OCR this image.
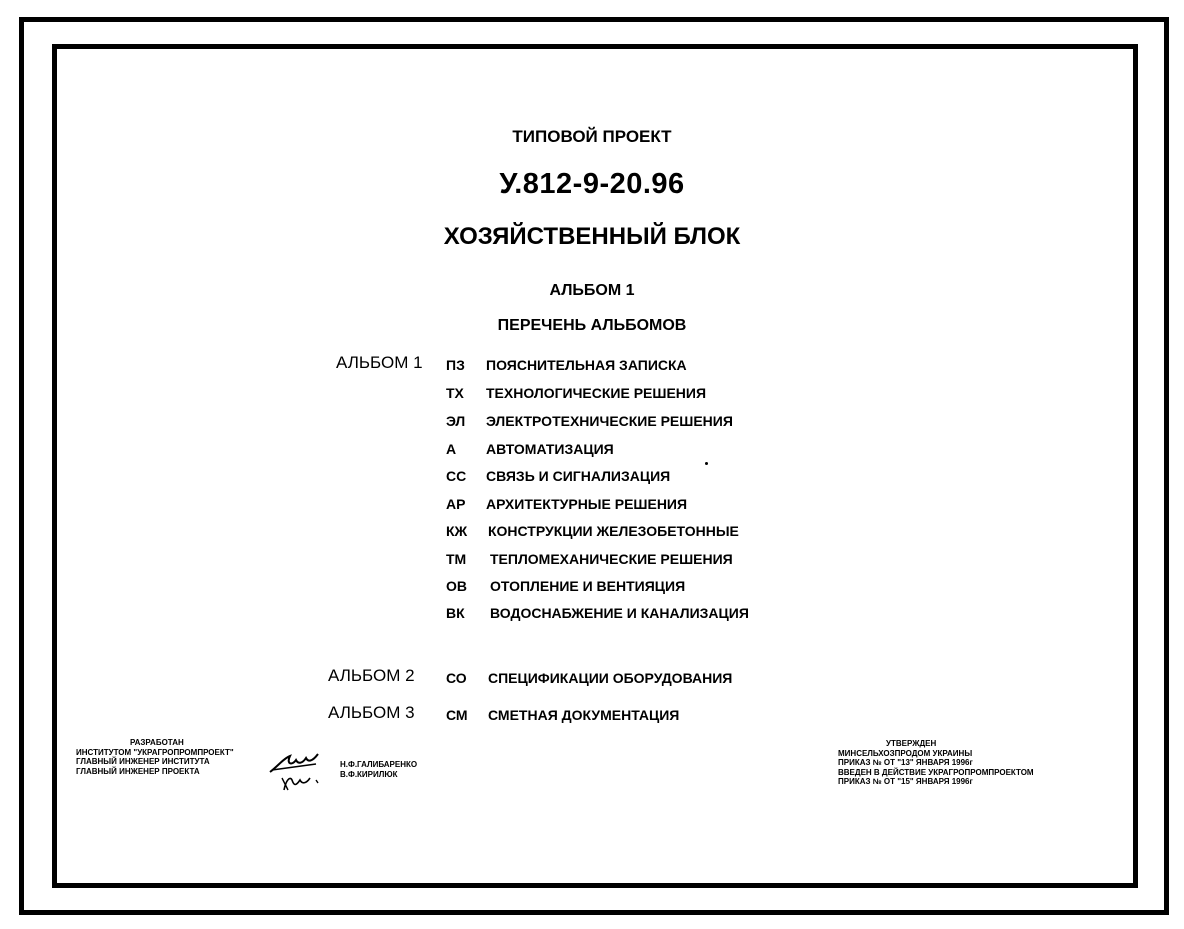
ТИПОВОЙ ПРОЕКТ
У.812-9-20.96
ХОЗЯЙСТВЕННЫЙ БЛОК
АЛЬБОМ 1
ПЕРЕЧЕНЬ АЛЬБОМОВ
АЛЬБОМ 1 ПЗ ПОЯСНИТЕЛЬНАЯ ЗАПИСКА
ТХ ТЕХНОЛОГИЧЕСКИЕ РЕШЕНИЯ
ЭЛ ЭЛЕКТРОТЕХНИЧЕСКИЕ РЕШЕНИЯ
А АВТОМАТИЗАЦИЯ
СС СВЯЗЬ И СИГНАЛИЗАЦИЯ
АР АРХИТЕКТУРНЫЕ РЕШЕНИЯ
КЖ КОНСТРУКЦИИ ЖЕЛЕЗОБЕТОННЫЕ
ТМ ТЕПЛОМЕХАНИЧЕСКИЕ РЕШЕНИЯ
ОВ ОТОПЛЕНИЕ И ВЕНТИЯЦИЯ
ВК ВОДОСНАБЖЕНИЕ И КАНАЛИЗАЦИЯ
АЛЬБОМ 2 СО СПЕЦИФИКАЦИИ ОБОРУДОВАНИЯ
АЛЬБОМ 3 СМ СМЕТНАЯ ДОКУМЕНТАЦИЯ
РАЗРАБОТАН
ИНСТИТУТОМ "УКРАГРОПРОМПРОЕКТ"
ГЛАВНЫЙ ИНЖЕНЕР ИНСТИТУТА
ГЛАВНЫЙ ИНЖЕНЕР ПРОЕКТА
Н.Ф.ГАЛИБАРЕНКО
В.Ф.КИРИЛЮК
УТВЕРЖДЕН
МИНСЕЛЬХОЗПРОДОМ УКРАИНЫ
ПРИКАЗ № ОТ "13" ЯНВАРЯ 1996г
ВВЕДЕН В ДЕЙСТВИЕ УКРАГРОПРОМПРОЕКТОМ
ПРИКАЗ № ОТ "15" ЯНВАРЯ 1996г
